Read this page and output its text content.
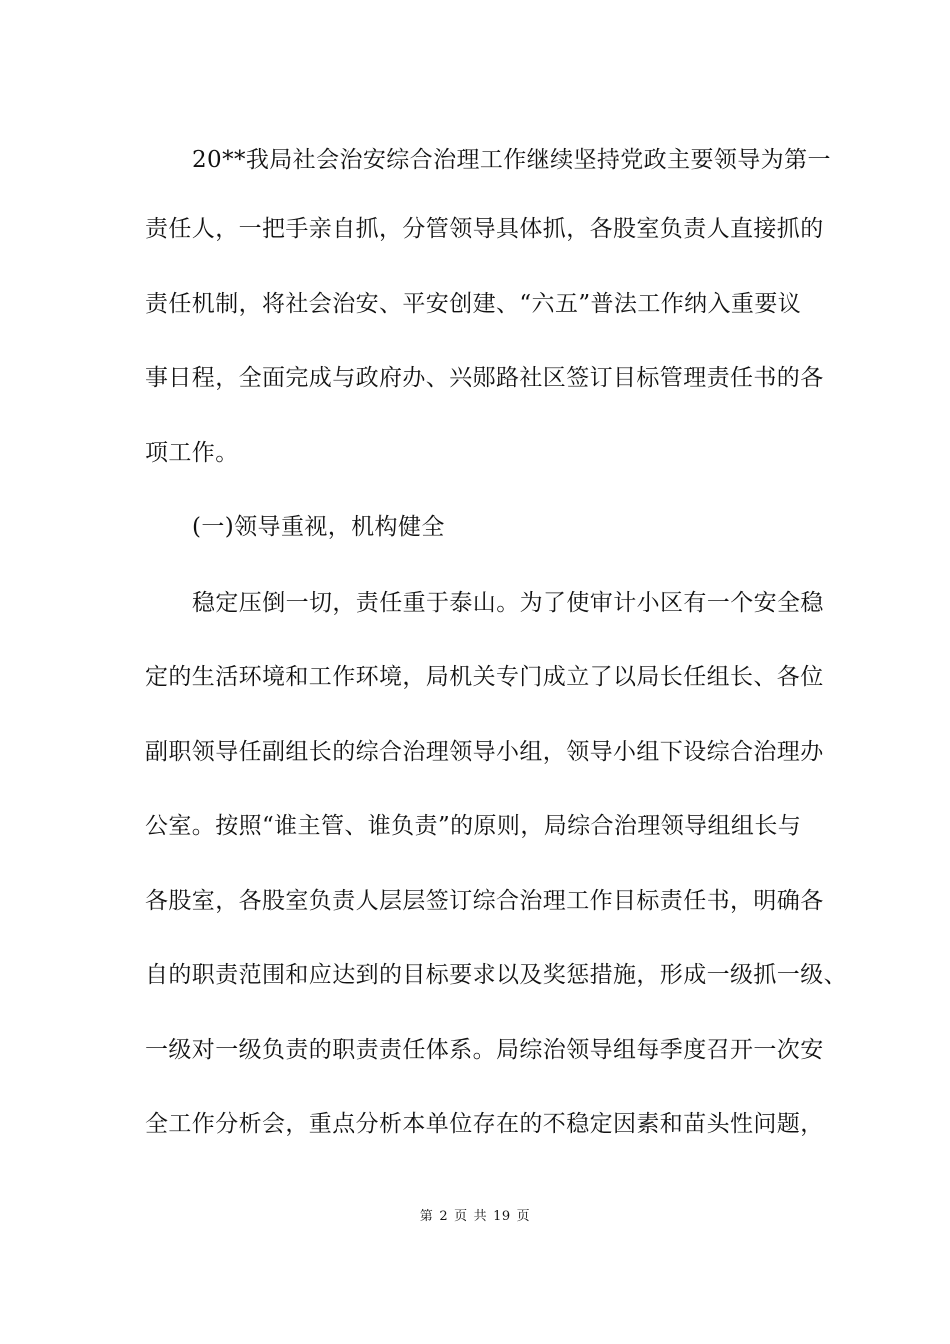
20**我局社会治安综合治理工作继续坚持党政主要领导为第一
责任人，一把手亲自抓，分管领导具体抓，各股室负责人直接抓的
责任机制，将社会治安、平安创建、“六五”普法工作纳入重要议
事日程，全面完成与政府办、兴郧路社区签订目标管理责任书的各
项工作。
(一)领导重视，机构健全
稳定压倒一切，责任重于泰山。为了使审计小区有一个安全稳
定的生活环境和工作环境，局机关专门成立了以局长任组长、各位
副职领导任副组长的综合治理领导小组，领导小组下设综合治理办
公室。按照“谁主管、谁负责”的原则，局综合治理领导组组长与
各股室，各股室负责人层层签订综合治理工作目标责任书，明确各
自的职责范围和应达到的目标要求以及奖惩措施，形成一级抓一级、
一级对一级负责的职责责任体系。局综治领导组每季度召开一次安
全工作分析会，重点分析本单位存在的不稳定因素和苗头性问题，
第 2 页 共 19 页
